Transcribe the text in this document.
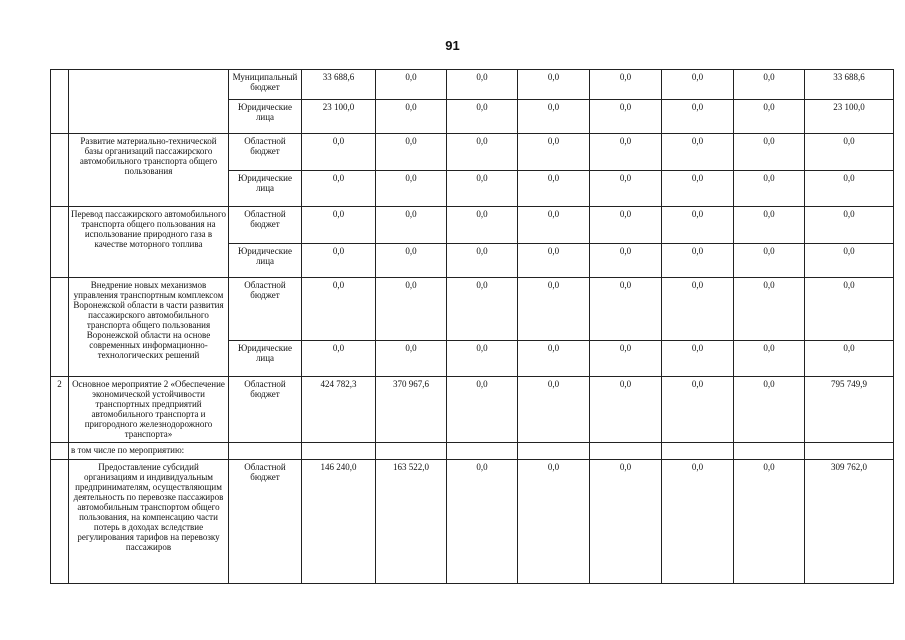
91
		Муниципальный бюджет	33 688,6	0,0	0,0	0,0	0,0	0,0	0,0	33 688,6
		Юридические лица	23 100,0	0,0	0,0	0,0	0,0	0,0	0,0	23 100,0
	Развитие материально-технической базы организаций пассажирского автомобильного транспорта общего пользования	Областной бюджет	0,0	0,0	0,0	0,0	0,0	0,0	0,0	0,0
		Юридические лица	0,0	0,0	0,0	0,0	0,0	0,0	0,0	0,0
	Перевод пассажирского автомобильного транспорта общего пользования на использование природного газа в качестве моторного топлива	Областной бюджет	0,0	0,0	0,0	0,0	0,0	0,0	0,0	0,0
		Юридические лица	0,0	0,0	0,0	0,0	0,0	0,0	0,0	0,0
	Внедрение новых механизмов управления транспортным комплексом Воронежской области в части развития пассажирского автомобильного транспорта общего пользования Воронежской области на основе современных информационно-технологических решений	Областной бюджет	0,0	0,0	0,0	0,0	0,0	0,0	0,0	0,0
		Юридические лица	0,0	0,0	0,0	0,0	0,0	0,0	0,0	0,0
2	Основное мероприятие 2 «Обеспечение экономической устойчивости транспортных предприятий автомобильного транспорта и пригородного железнодорожного транспорта»	Областной бюджет	424 782,3	370 967,6	0,0	0,0	0,0	0,0	0,0	795 749,9
	в том числе по мероприятию:									
	Предоставление субсидий организациям и индивидуальным предпринимателям, осуществляющим деятельность по перевозке пассажиров автомобильным транспортом общего пользования, на компенсацию части потерь в доходах вследствие регулирования тарифов на перевозку пассажиров	Областной бюджет	146 240,0	163 522,0	0,0	0,0	0,0	0,0	0,0	309 762,0
